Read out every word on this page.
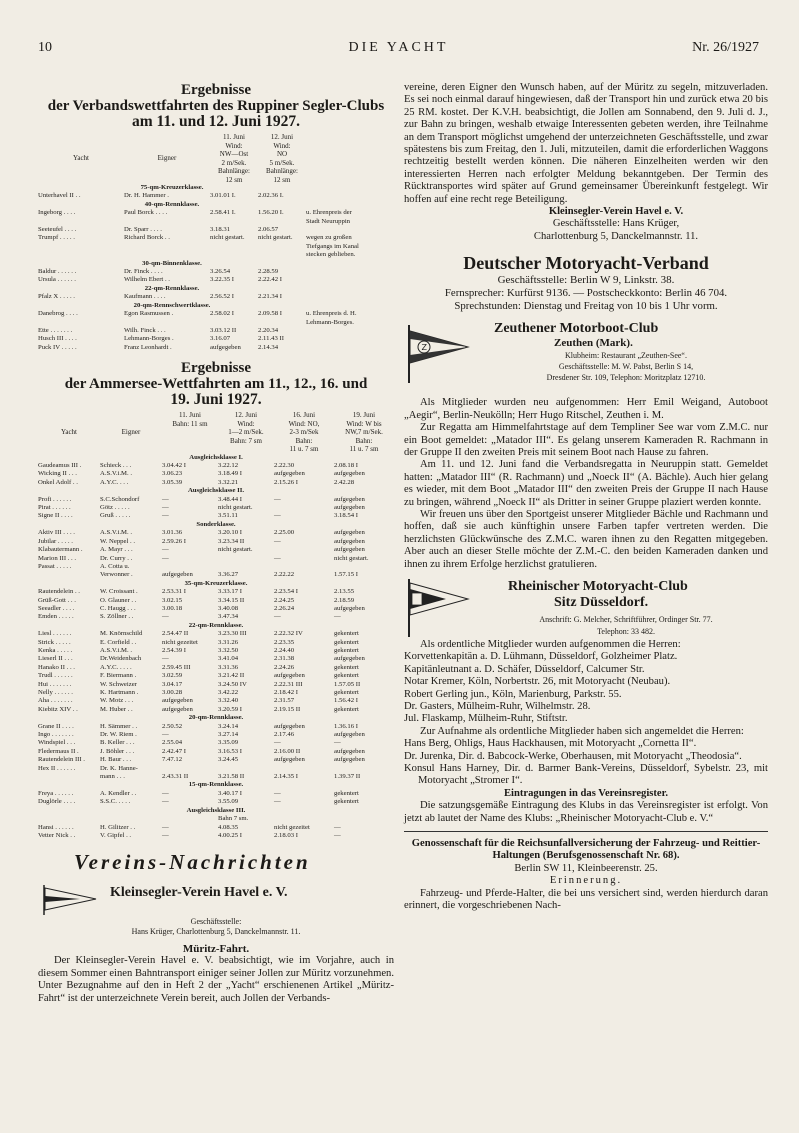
10	DIE YACHT	Nr. 26/1927

Ergebnisse

der Verbandswettfahrten des Ruppiner Segler-Clubs

am 11. und 12. Juni 1927.

Yacht	Eigner	
11. Juni
Wind:
NW—Ost
2 m/Sek.
Bahnlänge:
12 sm

12. Juni
Wind:
NO
5 m/Sek.
Bahnlänge:
12 sm

75-qm-Kreuzerklasse.				
Unterhavel II . .	Dr. H. Hammer .	3.01.01 I.	2.02.36 I.	
40-qm-Rennklasse.				
Ingeborg . . . .	Paul Borck . . . .	2.58.41 I.	1.56.20 I.	u. Ehrenpreis der
				Stadt Neuruppin
Seeteufel . . . .	Dr. Sparr . . . .	3.18.31	2.06.57	
Trumpf . . . . .	Richard Borck . .	nicht gestart.	nicht gestart.	wegen zu großen
				Tiefgangs im Kanal
				stecken geblieben.
30-qm-Binnenklasse.				
Baldur . . . . . .	Dr. Finck . . . .	3.26.54	2.28.59	
Ursula . . . . . .	Wilhelm Ebert . .	3.22.35 I	2.22.42 I	
22-qm-Rennklasse.				
Pfalz X . . . . .	Kaufmann . . . .	2.56.52 I	2.21.34 I	
20-qm-Rennschwertklasse.				
Danebrog . . . .	Egon Rasmussen .	2.58.02 I	2.09.58 I	u. Ehrenpreis d. H.
				Lehmann-Borges.
Ette . . . . . . .	Wilh. Finck . . .	3.03.12 II	2.20.34	
Husch III . . . .	Lehmann-Borges .	3.16.07	2.11.43 II	
Puck IV . . . . .	Franz Leonhardt .	aufgegeben	2.14.34	

Ergebnisse

der Ammersee-Wettfahrten am 11., 12., 16. und

19. Juni 1927.

Yacht	Eigner	
11. Juni
Bahn: 11 sm

12. Juni
Wind:
1—2 m/Sek.
Bahn: 7 sm

16. Juni
Wind: NO,
2-3 m/Sek
Bahn:
11 u. 7 sm

19. Juni
Wind: W bis
NW,7 m/Sek.
Bahn:
11 u. 7 sm
Ausgleichsklasse I.					
Gaudeamus III .	Schieck . . .	3.04.42 I	3.22.12	2.22.30	2.08.18 I
Wicking II . . .	A.S.V.i.M. .	3.06.23	3.18.49 I	aufgegeben	aufgegeben
Onkel Adolf . .	A.Y.C. . . .	3.05.39	3.32.21	2.15.26 I	2.42.28
Ausgleichsklasse II.					
Profi . . . . . .	S.C.Schondorf	—	3.48.44 I	—	aufgegeben
Pirat . . . . . .	Götz . . . . .	—	nicht gestart.		aufgegeben
Signe II . . . .	Gruß . . . . .	—	3.51.11	—	3.18.54 I
Sonderklasse.					
Aktiv III . . . .	A.S.V.i.M. .	3.01.36	3.20.10 I	2.25.00	aufgegeben
Jubilar . . . . .	W. Neppel . .	2.59.26 I	3.23.34 II	—	aufgegeben
Klabautermann .	A. Mayr . . .	—	nicht gestart.		aufgegeben
Marion III . . .	Dr. Curry . .	—		—	nicht gestart.
Passat . . . . .	A. Cotta u.				
	Verwonner .	aufgegeben	3.36.27	2.22.22	1.57.15 I
35-qm-Kreuzerklasse.					
Rautendelein . .	W. Croissant .	2.53.31 I	3.33.17 I	2.23.54 I	2.13.55
Grüß-Gott . . .	O. Glauner . .	3.02.15	3.34.15 II	2.24.25	2.18.59
Seeadler . . . .	C. Haugg . . .	3.00.18	3.40.08	2.26.24	aufgegeben
Emden . . . . .	S. Zöllner . .	—	3.47.34	—	—
22-qm-Rennklasse.					
Liesl . . . . . .	M. Knörnschild	2.54.47 II	3.23.30 III	2.22.32 IV	gekentert
Strick . . . . .	E. Corfield . .	nicht gezeitet	3.31.26	2.23.35	gekentert
Kenka . . . . .	A.S.V.i.M. .	2.54.39 I	3.32.50	2.24.40	gekentert
Lieserl II . . .	Dr.Weidenbach	—	3.41.04	2.31.38	aufgegeben
Hanako II . . .	A.Y.C. . . . .	2.59.45 III	3.31.36	2.24.26	gekentert
Trudl . . . . . .	F. Biermann .	3.02.59	3.21.42 II	aufgegeben	gekentert
Hui . . . . . . .	W. Schweizer	3.04.17	3.24.50 IV	2.22.31 III	1.57.05 II
Nelly . . . . . .	K. Hartmann .	3.00.28	3.42.22	2.18.42 I	gekentert
Aha . . . . . . .	W. Motz . . .	aufgegeben	3.32.40	2.31.57	1.56.42 I
Kiebitz XIV . .	M. Huber . .	aufgegeben	3.20.59 I	2.19.15 II	gekentert
20-qm-Rennklasse.					
Grane II . . . .	H. Sämmer . .	2.50.52	3.24.14	aufgegeben	1.36.16 I
Ingo . . . . . . .	Dr. W. Riem .	—	3.27.14	2.17.46	aufgegeben
Windspiel . . .	B. Keller . . .	2.55.04	3.35.09	—	—
Fledermaus II .	J. Böhler . . .	2.42.47 I	3.16.53 I	2.16.00 II	aufgegeben
Rautendelein III .	H. Baur . . .	7.47.12	3.24.45	aufgegeben	aufgegeben
Hex II . . . . . .	Dr. K. Hanne-				
	mann . . .	2.43.31 II	3.21.58 II	2.14.35 I	1.39.37 II
15-qm-Rennklasse.					
Freya . . . . . .	A. Kendler . .	—	3.40.17 I	—	gekentert
Duglörle . . . .	S.S.C. . . . .	—	3.55.09	—	gekentert
Ausgleichsklasse III.					
			Bahn 7 sm.		
Hansi . . . . . .	H. Gilitzer . .	—	4.08.35	nicht gezeitet	—
Vetter Nick . .	V. Gipfel . .	—	4.00.25 I	2.18.03 I	—
Vereins-Nachrichten
Kleinsegler-Verein Havel e. V.
Geschäftsstelle:
Hans Krüger, Charlottenburg 5, Danckelmannstr. 11.
Müritz-Fahrt.

Der Kleinsegler-Verein Havel e. V. beabsichtigt, wie im Vorjahre, auch in diesem Sommer einen Bahntransport einiger seiner Jollen zur Müritz vorzunehmen. Unter Bezugnahme auf den in Heft 2 der „Yacht“ erschienenen Artikel „Müritz-Fahrt“ ist der unterzeichnete Verein bereit, auch Jollen der Verbands-

vereine, deren Eigner den Wunsch haben, auf der Müritz zu segeln, mitzuverladen. Es sei noch einmal darauf hingewiesen, daß der Transport hin und zurück etwa 20 bis 25 RM. kostet. Der K.V.H. beabsichtigt, die Jollen am Sonnabend, den 9. Juli d. J., zur Bahn zu bringen, weshalb etwaige Interessenten gebeten werden, ihre Teilnahme an dem Transport möglichst umgehend der unterzeichneten Geschäftsstelle, und zwar spätestens bis zum Freitag, den 1. Juli, mitzuteilen, damit die erforderlichen Waggons rechtzeitig bestellt werden können. Die näheren Einzelheiten werden wir den interessierten Herren nach erfolgter Meldung bekanntgeben. Der Termin des Rücktransportes wird später auf Grund gemeinsamer Übereinkunft festgelegt. Wir hoffen auf eine recht rege Beteiligung.

Kleinsegler-Verein Havel e. V.
Geschäftsstelle: Hans Krüger,
Charlottenburg 5, Danckelmannstr. 11.
Deutscher Motoryacht-Verband
Geschäftsstelle: Berlin W 9, Linkstr. 38.
Fernsprecher: Kurfürst 9136. — Postscheckkonto: Berlin 46 704.
Sprechstunden: Dienstag und Freitag von 10 bis 1 Uhr vorm.
Z
Zeuthener Motorboot-Club
Zeuthen (Mark).
Klubheim: Restaurant „Zeuthen-See“.
Geschäftsstelle: M. W. Pabst, Berlin S 14,
Dresdener Str. 109, Telephon: Moritzplatz 12710.

Als Mitglieder wurden neu aufgenommen: Herr Emil Weigand, Autoboot „Aegir“, Berlin-Neukölln; Herr Hugo Ritschel, Zeuthen i. M.

Zur Regatta am Himmelfahrtstage auf dem Templiner See war vom Z.M.C. nur ein Boot gemeldet: „Matador III“. Es gelang unserem Kameraden R. Rachmann in der Gruppe II den zweiten Preis mit seinem Boot nach Hause zu fahren.

Am 11. und 12. Juni fand die Verbandsregatta in Neuruppin statt. Gemeldet hatten: „Matador III“ (R. Rachmann) und „Noeck II“ (A. Bächle). Auch hier gelang es wieder, mit dem Boot „Matador III“ den zweiten Preis der Gruppe II nach Hause zu bringen, während „Noeck II“ als Dritter in seiner Gruppe plaziert werden konnte.

Wir freuen uns über den Sportgeist unserer Mitglieder Bächle und Rachmann und hoffen, daß sie auch künftighin unsere Farben tapfer vertreten werden. Die herzlichsten Glückwünsche des Z.M.C. waren ihnen zu den Regatten mitgegeben. Aber auch an dieser Stelle möchte der Z.M.-C. den beiden Kameraden danken und ihnen zu ihrem Erfolge herzlichst gratulieren.

Rheinischer Motoryacht-Club
Sitz Düsseldorf.
Anschrift: G. Melcher, Schriftführer, Ordinger Str. 77.
Telephon: 33 482.

Als ordentliche Mitglieder wurden aufgenommen die Herren:

Korvettenkapitän a. D. Lühmann, Düsseldorf, Golzheimer Platz.

Kapitänleutnant a. D. Schäfer, Düsseldorf, Calcumer Str.

Notar Kremer, Köln, Norbertstr. 26, mit Motoryacht (Neubau).

Robert Gerling jun., Köln, Marienburg, Parkstr. 55.

Dr. Gasters, Mülheim-Ruhr, Wilhelmstr. 28.

Jul. Flaskamp, Mülheim-Ruhr, Stiftstr.

Zur Aufnahme als ordentliche Mitglieder haben sich angemeldet die Herren:

Hans Berg, Ohligs, Haus Hackhausen, mit Motoryacht „Cornetta II“.

Dr. Jurenka, Dir. d. Babcock-Werke, Oberhausen, mit Motoryacht „Theodosia“.

Konsul Hans Harney, Dir. d. Barmer Bank-Vereins, Düsseldorf, Sybelstr. 23, mit Motoryacht „Stromer I“.

Eintragungen in das Vereinsregister.

Die satzungsgemäße Eintragung des Klubs in das Vereinsregister ist erfolgt. Von jetzt ab lautet der Name des Klubs: „Rheinischer Motoryacht-Club e. V.“

Genossenschaft für die Reichsunfallversicherung der Fahrzeug- und Reittier-Haltungen (Berufsgenossenschaft Nr. 68).
Berlin SW 11, Kleinbeerenstr. 25.
Erinnerung.

Fahrzeug- und Pferde-Halter, die bei uns versichert sind, werden hierdurch daran erinnert, die vorgeschriebenen Nach-
